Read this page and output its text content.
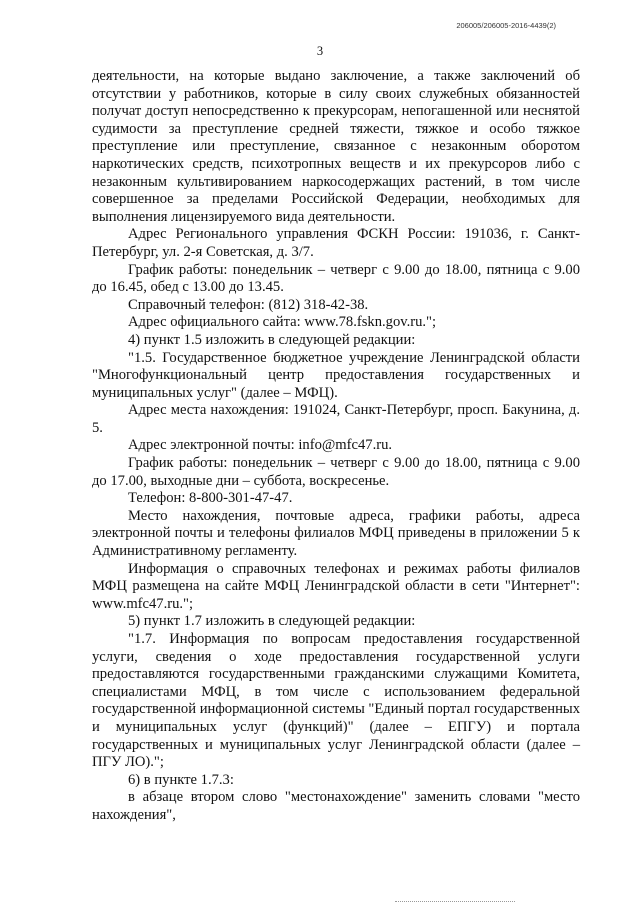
206005/206005-2016-4439(2)
3

деятельности, на которые выдано заключение, а также заключений об отсутствии у работников, которые в силу своих служебных обязанностей получат доступ непосредственно к прекурсорам, непогашенной или неснятой судимости за преступление средней тяжести, тяжкое и особо тяжкое преступление или преступление, связанное с незаконным оборотом наркотических средств, психотропных веществ и их прекурсоров либо с незаконным культивированием наркосодержащих растений, в том числе совершенное за пределами Российской Федерации, необходимых для выполнения лицензируемого вида деятельности.

Адрес Регионального управления ФСКН России: 191036, г. Санкт-Петербург, ул. 2-я Советская, д. 3/7.

График работы: понедельник – четверг с 9.00 до 18.00, пятница с 9.00 до 16.45, обед с 13.00 до 13.45.

Справочный телефон: (812) 318-42-38.

Адрес официального сайта: www.78.fskn.gov.ru.";

4) пункт 1.5 изложить в следующей редакции:

"1.5. Государственное бюджетное учреждение Ленинградской области "Многофункциональный центр предоставления государственных и муниципальных услуг" (далее – МФЦ).

Адрес места нахождения: 191024, Санкт-Петербург, просп. Бакунина, д. 5.

Адрес электронной почты: info@mfc47.ru.

График работы: понедельник – четверг с 9.00 до 18.00, пятница с 9.00 до 17.00, выходные дни – суббота, воскресенье.

Телефон: 8-800-301-47-47.

Место нахождения, почтовые адреса, графики работы, адреса электронной почты и телефоны филиалов МФЦ приведены в приложении 5 к Административному регламенту.

Информация о справочных телефонах и режимах работы филиалов МФЦ размещена на сайте МФЦ Ленинградской области в сети "Интернет": www.mfc47.ru.";

5) пункт 1.7 изложить в следующей редакции:

"1.7. Информация по вопросам предоставления государственной услуги, сведения о ходе предоставления государственной услуги предоставляются государственными гражданскими служащими Комитета, специалистами МФЦ, в том числе с использованием федеральной государственной информационной системы "Единый портал государственных и муниципальных услуг (функций)" (далее – ЕПГУ) и портала государственных и муниципальных услуг Ленинградской области (далее – ПГУ ЛО).";

6) в пункте 1.7.3:

в абзаце втором слово "местонахождение" заменить словами "место нахождения",
